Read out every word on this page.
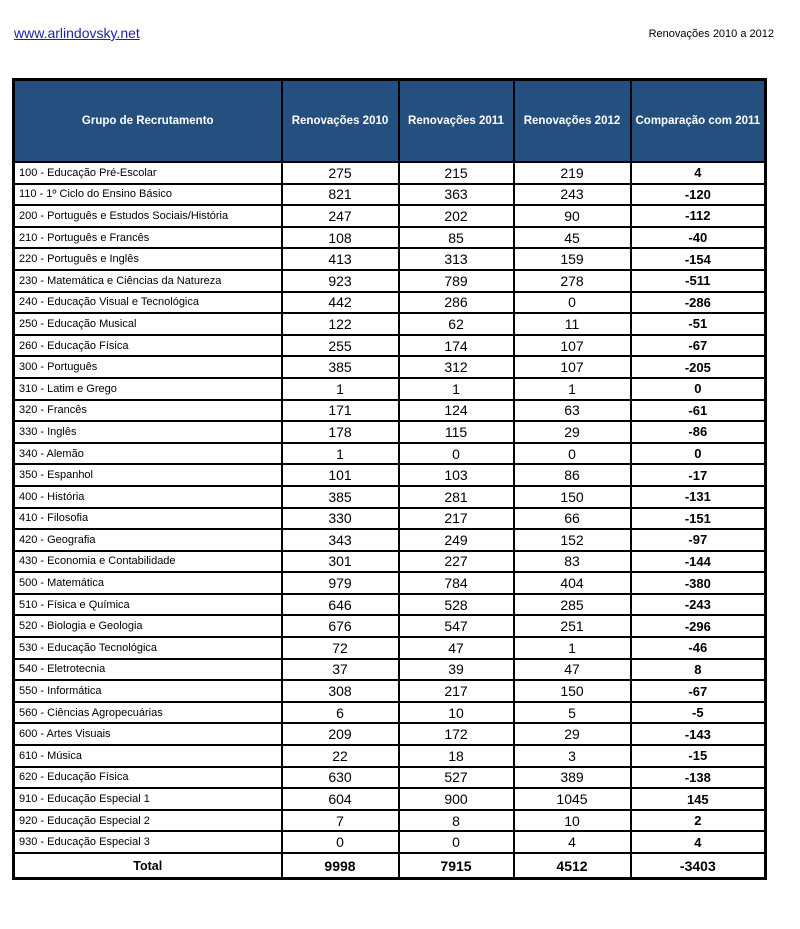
www.arlindovsky.net	Renovações 2010 a 2012
Grupo de Recrutamento	Renovações 2010	Renovações 2011	Renovações 2012	Comparação com 2011
100 - Educação Pré-Escolar	275	215	219	4
110 - 1º Ciclo do Ensino Básico	821	363	243	-120
200 - Português e Estudos Sociais/História	247	202	90	-112
210 - Português e Francês	108	85	45	-40
220 - Português e Inglês	413	313	159	-154
230 - Matemática e Ciências da Natureza	923	789	278	-511
240 - Educação Visual e Tecnológica	442	286	0	-286
250 - Educação Musical	122	62	11	-51
260 - Educação Física	255	174	107	-67
300 - Português	385	312	107	-205
310 - Latim e Grego	1	1	1	0
320 - Francês	171	124	63	-61
330 - Inglês	178	115	29	-86
340 - Alemão	1	0	0	0
350 - Espanhol	101	103	86	-17
400 - História	385	281	150	-131
410 - Filosofia	330	217	66	-151
420 - Geografia	343	249	152	-97
430 - Economia e Contabilidade	301	227	83	-144
500 - Matemática	979	784	404	-380
510 - Física e Química	646	528	285	-243
520 - Biologia e Geologia	676	547	251	-296
530 - Educação Tecnológica	72	47	1	-46
540 - Eletrotecnia	37	39	47	8
550 - Informática	308	217	150	-67
560 - Ciências Agropecuárias	6	10	5	-5
600 - Artes Visuais	209	172	29	-143
610 - Música	22	18	3	-15
620 - Educação Física	630	527	389	-138
910 - Educação Especial 1	604	900	1045	145
920 - Educação Especial 2	7	8	10	2
930 - Educação Especial 3	0	0	4	4
Total	9998	7915	4512	-3403
